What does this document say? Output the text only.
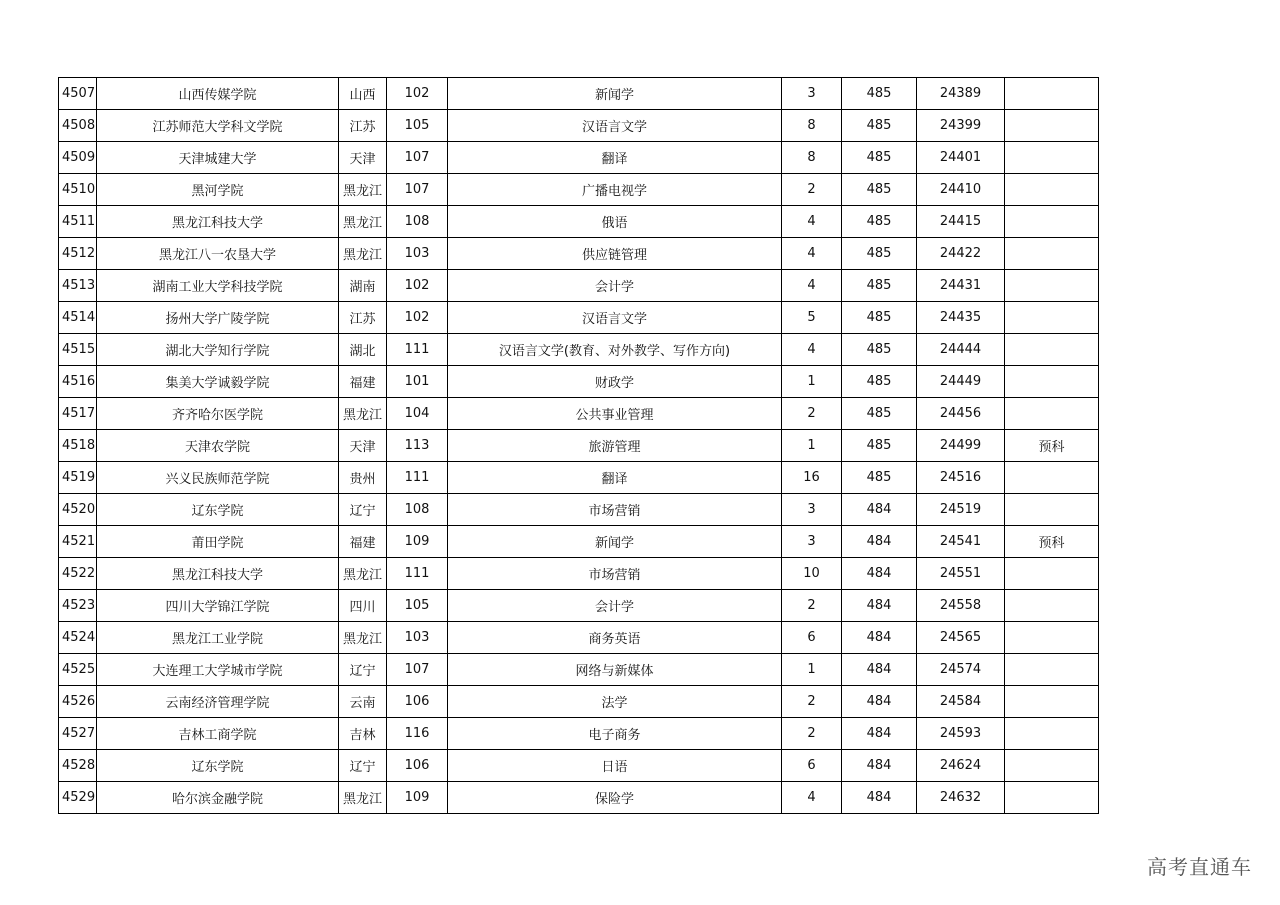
4507	山西传媒学院	山西	102	新闻学	3	485	24389	
4508	江苏师范大学科文学院	江苏	105	汉语言文学	8	485	24399	
4509	天津城建大学	天津	107	翻译	8	485	24401	
4510	黑河学院	黑龙江	107	广播电视学	2	485	24410	
4511	黑龙江科技大学	黑龙江	108	俄语	4	485	24415	
4512	黑龙江八一农垦大学	黑龙江	103	供应链管理	4	485	24422	
4513	湖南工业大学科技学院	湖南	102	会计学	4	485	24431	
4514	扬州大学广陵学院	江苏	102	汉语言文学	5	485	24435	
4515	湖北大学知行学院	湖北	111	汉语言文学(教育、对外教学、写作方向)	4	485	24444	
4516	集美大学诚毅学院	福建	101	财政学	1	485	24449	
4517	齐齐哈尔医学院	黑龙江	104	公共事业管理	2	485	24456	
4518	天津农学院	天津	113	旅游管理	1	485	24499	预科
4519	兴义民族师范学院	贵州	111	翻译	16	485	24516	
4520	辽东学院	辽宁	108	市场营销	3	484	24519	
4521	莆田学院	福建	109	新闻学	3	484	24541	预科
4522	黑龙江科技大学	黑龙江	111	市场营销	10	484	24551	
4523	四川大学锦江学院	四川	105	会计学	2	484	24558	
4524	黑龙江工业学院	黑龙江	103	商务英语	6	484	24565	
4525	大连理工大学城市学院	辽宁	107	网络与新媒体	1	484	24574	
4526	云南经济管理学院	云南	106	法学	2	484	24584	
4527	吉林工商学院	吉林	116	电子商务	2	484	24593	
4528	辽东学院	辽宁	106	日语	6	484	24624	
4529	哈尔滨金融学院	黑龙江	109	保险学	4	484	24632	
高考直通车
